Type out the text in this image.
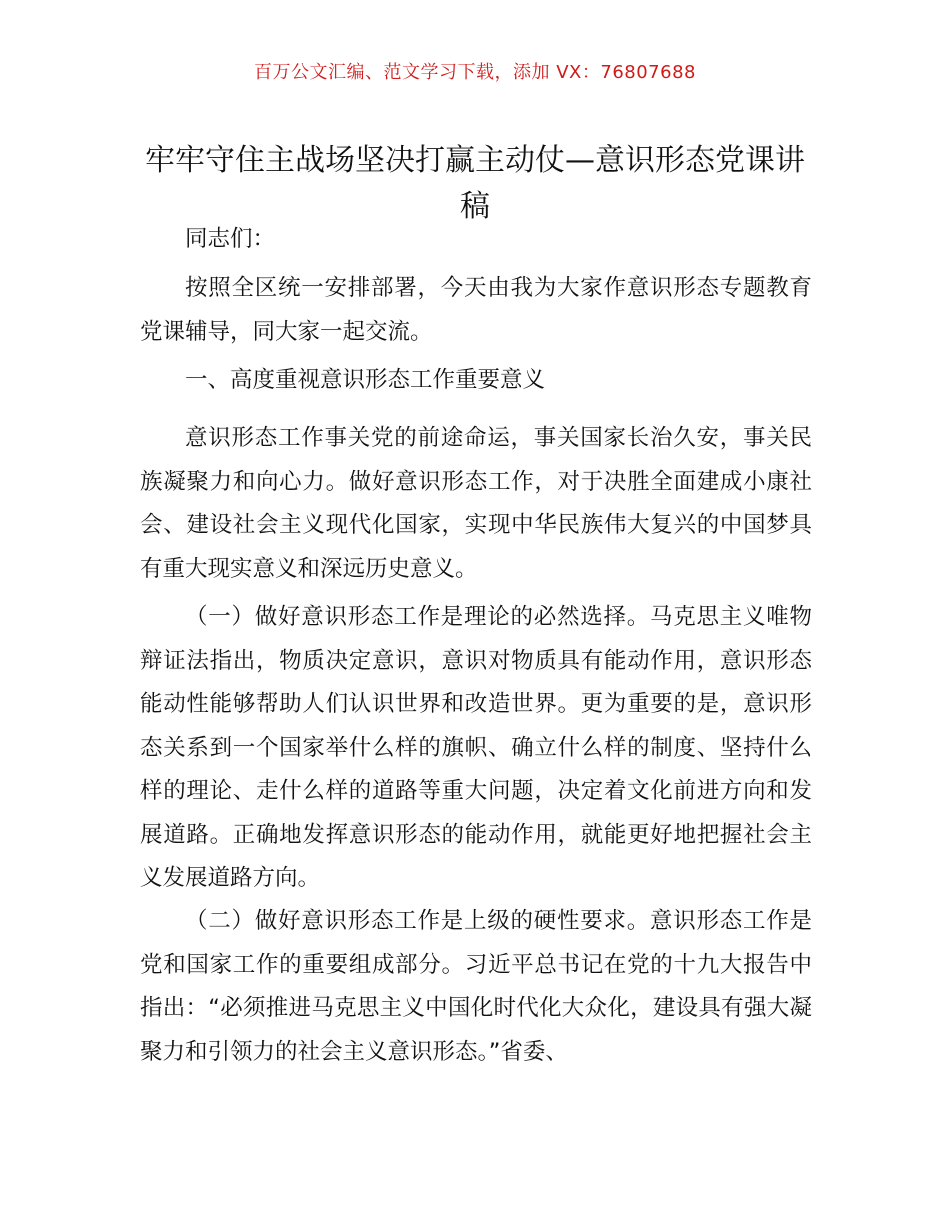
百万公文汇编、范文学习下载，添加 VX：76807688
牢牢守住主战场坚决打赢主动仗—意识形态党课讲稿

同志们：

按照全区统一安排部署，今天由我为大家作意识形态专题教育党课辅导，同大家一起交流。

一、高度重视意识形态工作重要意义

意识形态工作事关党的前途命运，事关国家长治久安，事关民族凝聚力和向心力。做好意识形态工作，对于决胜全面建成小康社会、建设社会主义现代化国家，实现中华民族伟大复兴的中国梦具有重大现实意义和深远历史意义。

（一）做好意识形态工作是理论的必然选择。马克思主义唯物辩证法指出，物质决定意识，意识对物质具有能动作用，意识形态能动性能够帮助人们认识世界和改造世界。更为重要的是，意识形态关系到一个国家举什么样的旗帜、确立什么样的制度、坚持什么样的理论、走什么样的道路等重大问题，决定着文化前进方向和发展道路。正确地发挥意识形态的能动作用，就能更好地把握社会主义发展道路方向。

（二）做好意识形态工作是上级的硬性要求。意识形态工作是党和国家工作的重要组成部分。习近平总书记在党的十九大报告中指出：“必须推进马克思主义中国化时代化大众化，建设具有强大凝聚力和引领力的社会主义意识形态。”省委、
